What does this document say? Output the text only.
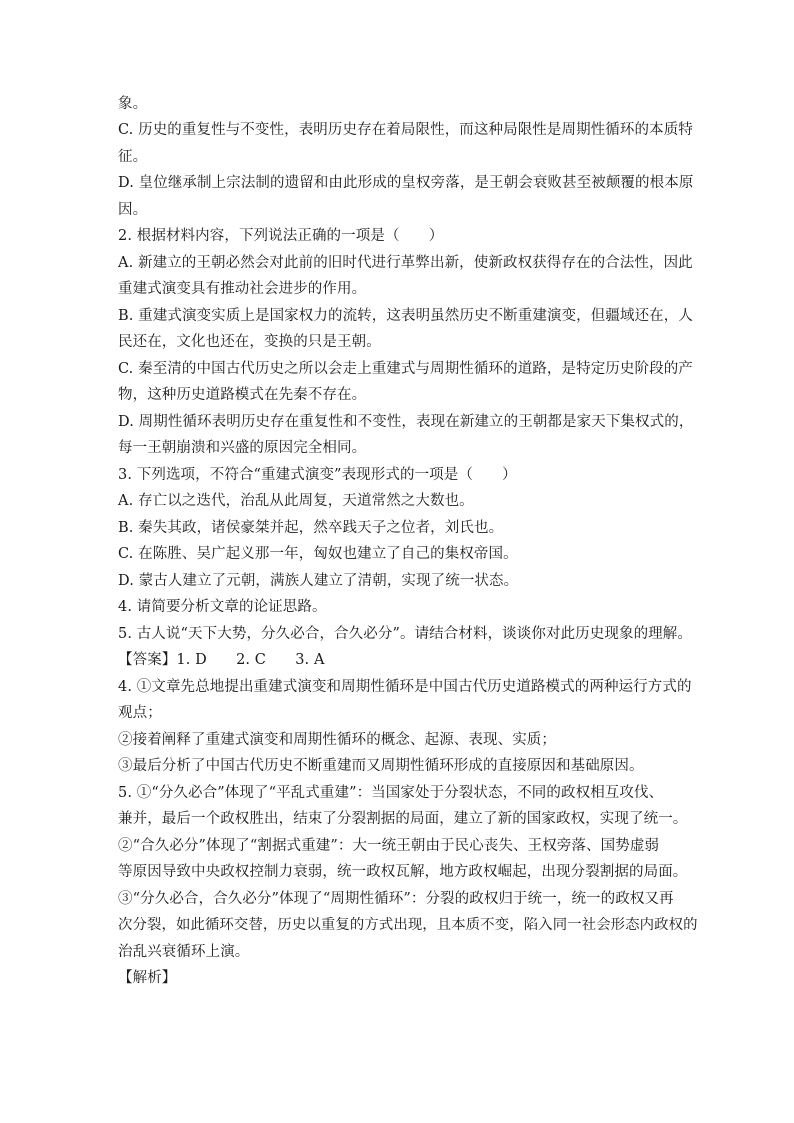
象。
C. 历史的重复性与不变性，表明历史存在着局限性，而这种局限性是周期性循环的本质特
征。
D. 皇位继承制上宗法制的遗留和由此形成的皇权旁落，是王朝会衰败甚至被颠覆的根本原
因。
2. 根据材料内容，下列说法正确的一项是（　　）
A. 新建立的王朝必然会对此前的旧时代进行革弊出新，使新政权获得存在的合法性，因此
重建式演变具有推动社会进步的作用。
B. 重建式演变实质上是国家权力的流转，这表明虽然历史不断重建演变，但疆域还在，人
民还在，文化也还在，变换的只是王朝。
C. 秦至清的中国古代历史之所以会走上重建式与周期性循环的道路，是特定历史阶段的产
物，这种历史道路模式在先秦不存在。
D. 周期性循环表明历史存在重复性和不变性，表现在新建立的王朝都是家天下集权式的，
每一王朝崩溃和兴盛的原因完全相同。
3. 下列选项，不符合“重建式演变”表现形式的一项是（　　）
A. 存亡以之迭代，治乱从此周复，天道常然之大数也。
B. 秦失其政，诸侯豪桀并起，然卒践天子之位者，刘氏也。
C. 在陈胜、吴广起义那一年，匈奴也建立了自己的集权帝国。
D. 蒙古人建立了元朝，满族人建立了清朝，实现了统一状态。
4. 请简要分析文章的论证思路。
5. 古人说“天下大势，分久必合，合久必分”。请结合材料，谈谈你对此历史现象的理解。
【答案】1. D　　2. C　　3. A
4. ①文章先总地提出重建式演变和周期性循环是中国古代历史道路模式的两种运行方式的
观点；
②接着阐释了重建式演变和周期性循环的概念、起源、表现、实质；
③最后分析了中国古代历史不断重建而又周期性循环形成的直接原因和基础原因。
5. ①“分久必合”体现了“平乱式重建”：当国家处于分裂状态，不同的政权相互攻伐、
兼并，最后一个政权胜出，结束了分裂割据的局面，建立了新的国家政权，实现了统一。
②“合久必分”体现了“割据式重建”：大一统王朝由于民心丧失、王权旁落、国势虚弱
等原因导致中央政权控制力衰弱，统一政权瓦解，地方政权崛起，出现分裂割据的局面。
③“分久必合，合久必分”体现了“周期性循环”：分裂的政权归于统一，统一的政权又再
次分裂，如此循环交替，历史以重复的方式出现，且本质不变，陷入同一社会形态内政权的
治乱兴衰循环上演。
【解析】
